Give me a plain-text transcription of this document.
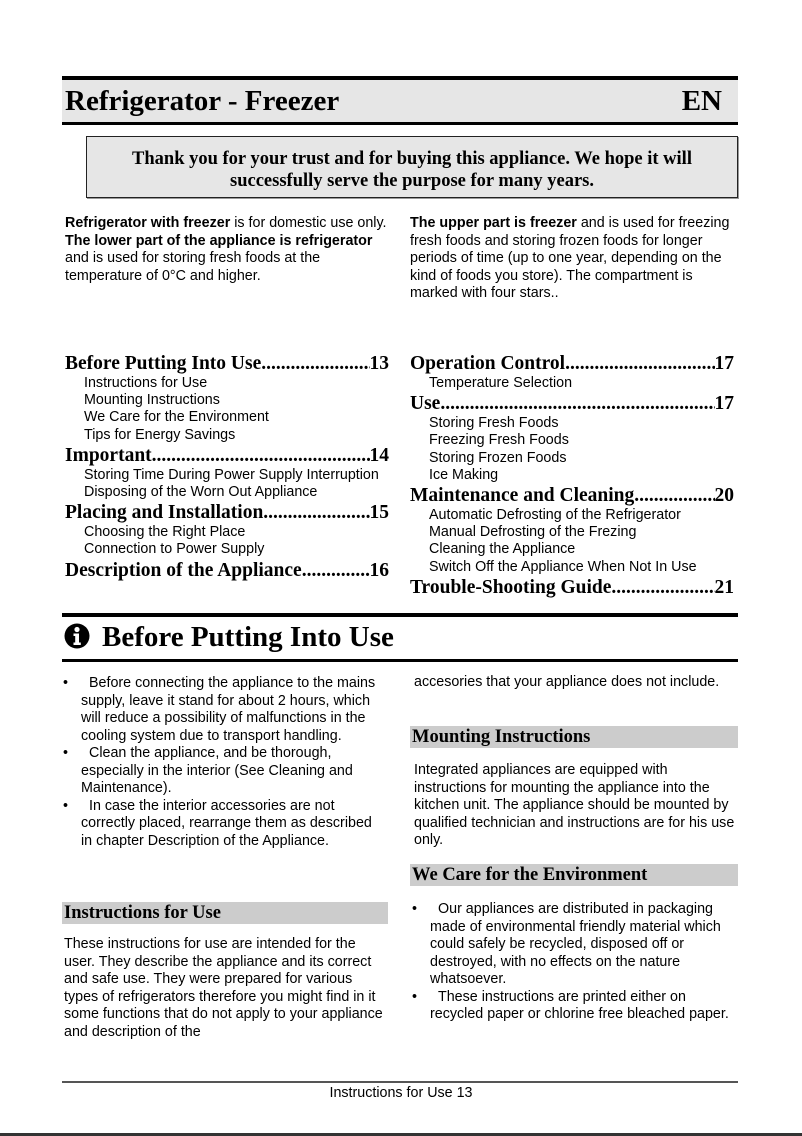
Refrigerator - Freezer	EN
Thank you for your trust and for buying this appliance. We hope it will
successfully serve the purpose for many years.
Refrigerator with freezer is for domestic use only.
The lower part of the appliance is refrigerator and is used for storing fresh foods at the temperature of 0°C and higher.
The upper part is freezer and is used for freezing fresh foods and storing frozen foods for longer periods of time (up to one year, depending on the kind of foods you store). The compartment is marked with four stars..
Before Putting Into Use .....	13
Instructions for Use
Mounting Instructions
We Care for the Environment
Tips for Energy Savings
Important .....	14
Storing Time During Power Supply Interruption
Disposing of the Worn Out Appliance
Placing and Installation .....	15
Choosing the Right Place
Connection to Power Supply
Description of the Appliance .....	16
Operation Control .....	17
Temperature Selection
Use .....	17
Storing Fresh Foods
Freezing Fresh Foods
Storing Frozen Foods
Ice Making
Maintenance and Cleaning .....	20
Automatic Defrosting of the Refrigerator
Manual Defrosting of the Frezing
Cleaning the Appliance
Switch Off the Appliance When Not In Use
Trouble-Shooting Guide .....	21
Before Putting Into Use
• Before connecting the appliance to the mains supply, leave it stand for about 2 hours, which will reduce a possibility of malfunctions in the cooling system due to transport handling.
• Clean the appliance, and be thorough, especially in the interior (See Cleaning and Maintenance).
• In case the interior accessories are not correctly placed, rearrange them as described in chapter Description of the Appliance.
Instructions for Use
These instructions for use are intended for the user. They describe the appliance and its correct and safe use. They were prepared for various types of refrigerators therefore you might find in it some functions that do not apply to your appliance and description of the
accesories that your appliance does not include.
Mounting Instructions
Integrated appliances are equipped with instructions for mounting the appliance into the kitchen unit. The appliance should be mounted by qualified technician and instructions are for his use only.
We Care for the Environment
• Our appliances are distributed in packaging made of environmental friendly material which could safely be recycled, disposed off or destroyed, with no effects on the nature whatsoever.
• These instructions are printed either on recycled paper or chlorine free bleached paper.
Instructions for Use 13
